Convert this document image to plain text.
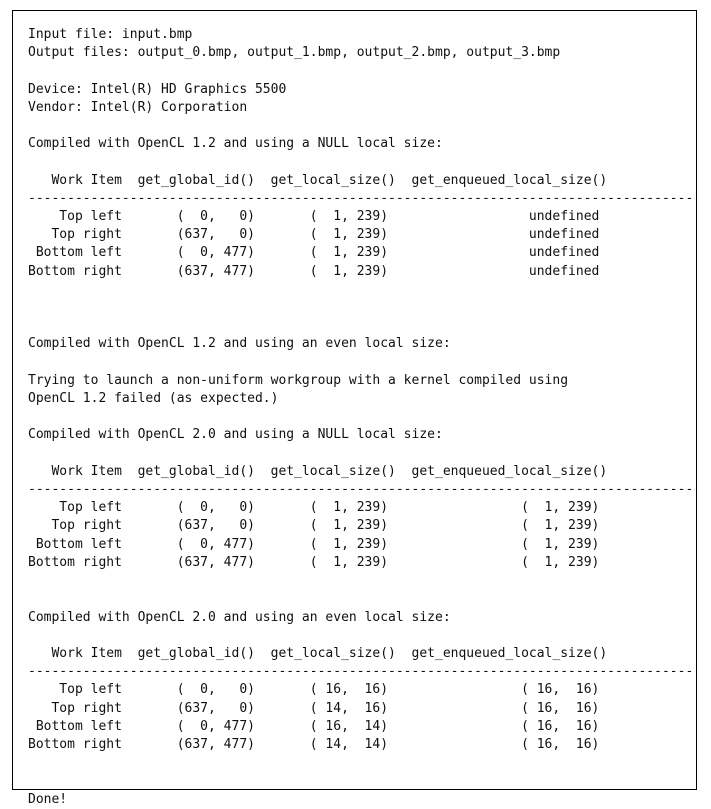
Input file: input.bmp
Output files: output_0.bmp, output_1.bmp, output_2.bmp, output_3.bmp

Device: Intel(R) HD Graphics 5500
Vendor: Intel(R) Corporation

Compiled with OpenCL 1.2 and using a NULL local size:

Work Item  get_global_id()  get_local_size()  get_enqueued_local_size()
-------------------------------------------------------------------------------------
Top left       (  0,   0)       (  1, 239)                  undefined
Top right       (637,   0)       (  1, 239)                  undefined
Bottom left       (  0, 477)       (  1, 239)                  undefined
Bottom right       (637, 477)       (  1, 239)                  undefined

Compiled with OpenCL 1.2 and using an even local size:

Trying to launch a non-uniform workgroup with a kernel compiled using
OpenCL 1.2 failed (as expected.)

Compiled with OpenCL 2.0 and using a NULL local size:

Work Item  get_global_id()  get_local_size()  get_enqueued_local_size()
-------------------------------------------------------------------------------------
Top left       (  0,   0)       (  1, 239)                 (  1, 239)
Top right       (637,   0)       (  1, 239)                 (  1, 239)
Bottom left       (  0, 477)       (  1, 239)                 (  1, 239)
Bottom right       (637, 477)       (  1, 239)                 (  1, 239)

Compiled with OpenCL 2.0 and using an even local size:

Work Item  get_global_id()  get_local_size()  get_enqueued_local_size()
-------------------------------------------------------------------------------------
Top left       (  0,   0)       ( 16,  16)                 ( 16,  16)
Top right       (637,   0)       ( 14,  16)                 ( 16,  16)
Bottom left       (  0, 477)       ( 16,  14)                 ( 16,  16)
Bottom right       (637, 477)       ( 14,  14)                 ( 16,  16)

Done!
